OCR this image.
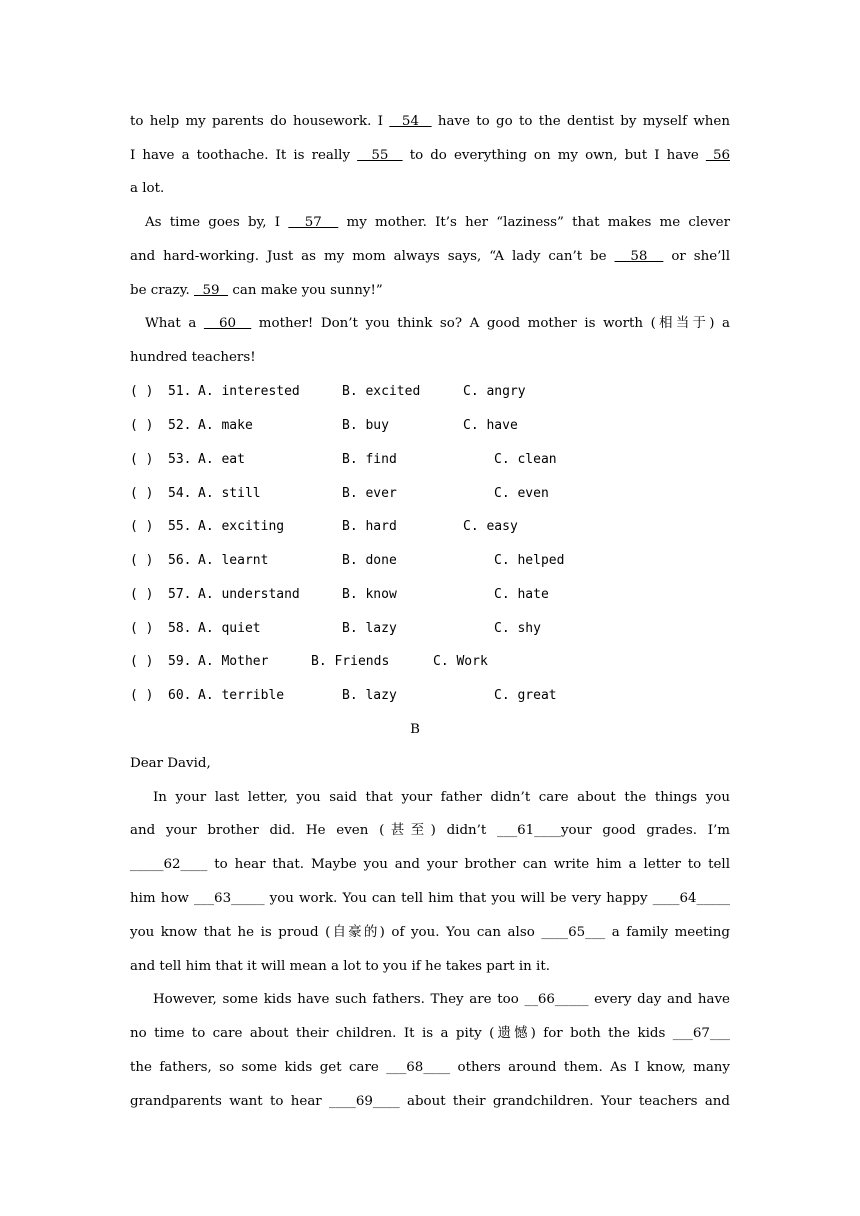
to help my parents do housework. I   54   have to go to the dentist by myself when
I have a toothache. It is really   55   to do everything on my own, but I have  56
a lot.
As time goes by, I   57   my mother. It’s her “laziness” that makes me clever
and hard-working. Just as my mom always says, “A lady can’t be   58   or she’ll
be crazy.   59   can make you sunny!”
What a   60   mother! Don’t you think so? A good mother is worth (相当于) a
hundred teachers!
( ) 51. A. interested	B. excited	C. angry
( ) 52. A. make	B. buy	C. have
( ) 53. A. eat	B. find	C. clean
( ) 54. A. still	B. ever	C. even
( ) 55. A. exciting	B. hard	C. easy
( ) 56. A. learnt	B. done	C. helped
( ) 57. A. understand	B. know	C. hate
( ) 58. A. quiet	B. lazy	C. shy
( ) 59. A. Mother	B. Friends	C. Work
( ) 60. A. terrible	B. lazy	C. great
B
Dear David,
In your last letter, you said that your father didn’t care about the things you
and your brother did. He even (甚至) didn’t ___61____your good grades. I’m
_____62____ to hear that. Maybe you and your brother can write him a letter to tell
him how ___63_____ you work. You can tell him that you will be very happy ____64_____
you know that he is proud (自豪的) of you. You can also ____65___ a family meeting
and tell him that it will mean a lot to you if he takes part in it.
However, some kids have such fathers. They are too __66_____ every day and have
no time to care about their children. It is a pity (遗憾) for both the kids ___67___
the fathers, so some kids get care ___68____ others around them. As I know, many
grandparents want to hear ____69____ about their grandchildren. Your teachers and
